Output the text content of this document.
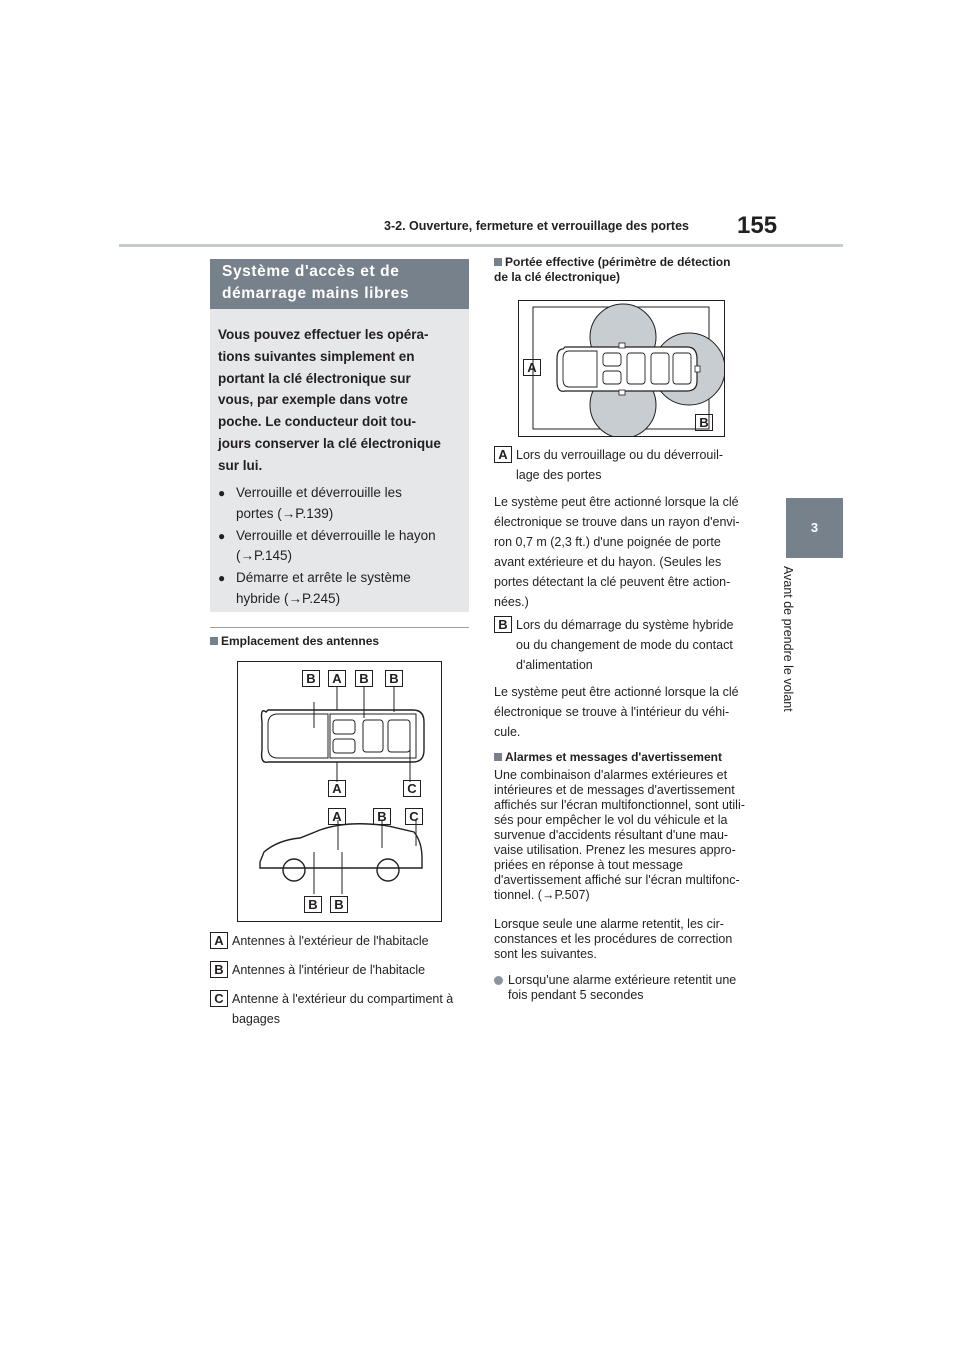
3-2. Ouverture, fermeture et verrouillage des portes 155
3
Avant de prendre le volant
Système d'accès et de
démarrage mains libres
Vous pouvez effectuer les opéra-
tions suivantes simplement en
portant la clé électronique sur
vous, par exemple dans votre
poche. Le conducteur doit tou-
jours conserver la clé électronique
sur lui.
● Verrouille et déverrouille les
portes (→P.139)
● Verrouille et déverrouille le hayon
(→P.145)
● Démarre et arrête le système
hybride (→P.245)
Emplacement des antennes
B	A	B	B
A	C
A	B	C
B	B
A Antennes à l'extérieur de l'habitacle
B Antennes à l'intérieur de l'habitacle
C Antenne à l'extérieur du compartiment à
bagages
Portée effective (périmètre de détection
de la clé électronique)
A
B
A Lors du verrouillage ou du déverrouil-
lage des portes
Le système peut être actionné lorsque la clé
électronique se trouve dans un rayon d'envi-
ron 0,7 m (2,3 ft.) d'une poignée de porte
avant extérieure et du hayon. (Seules les
portes détectant la clé peuvent être action-
nées.)
B Lors du démarrage du système hybride
ou du changement de mode du contact
d'alimentation
Le système peut être actionné lorsque la clé
électronique se trouve à l'intérieur du véhi-
cule.
Alarmes et messages d'avertissement
Une combinaison d'alarmes extérieures et
intérieures et de messages d'avertissement
affichés sur l'écran multifonctionnel, sont utili-
sés pour empêcher le vol du véhicule et la
survenue d'accidents résultant d'une mau-
vaise utilisation. Prenez les mesures appro-
priées en réponse à tout message
d'avertissement affiché sur l'écran multifonc-
tionnel. (→P.507)
Lorsque seule une alarme retentit, les cir-
constances et les procédures de correction
sont les suivantes.
Lorsqu'une alarme extérieure retentit une
fois pendant 5 secondes
